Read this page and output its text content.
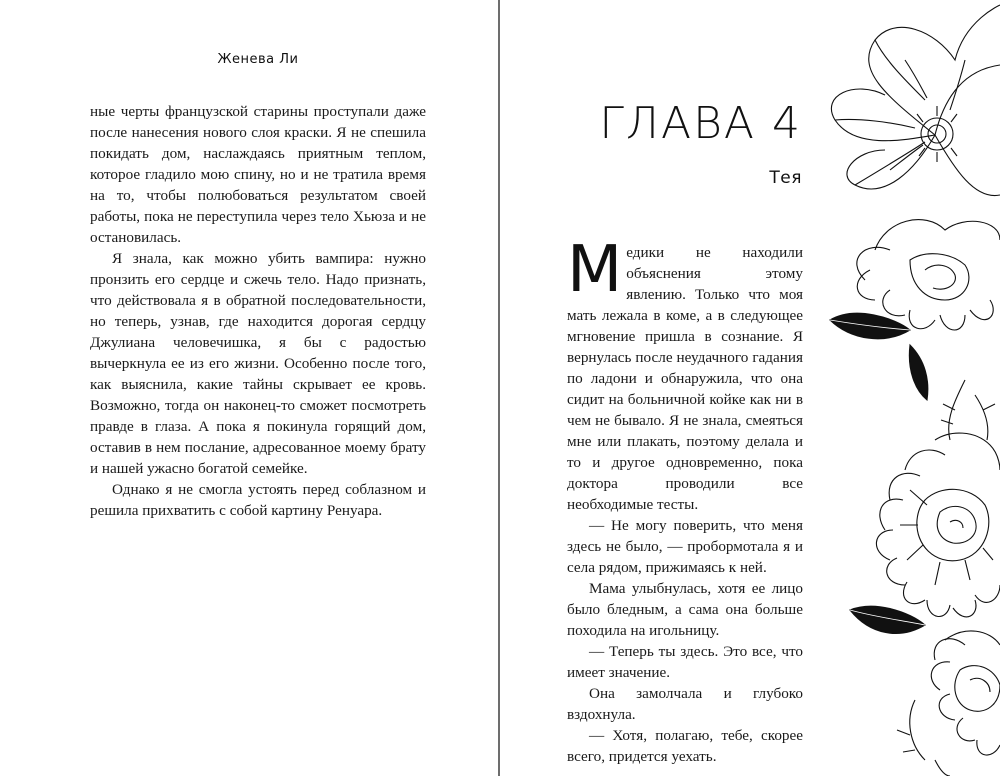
Женева Ли

ные черты французской старины проступали даже после нанесения нового слоя краски. Я не спешила покидать дом, наслаждаясь приятным теплом, которое гладило мою спину, но и не тратила время на то, чтобы полюбоваться результатом своей работы, пока не переступила через тело Хьюза и не остановилась.

Я знала, как можно убить вампира: нужно пронзить его сердце и сжечь тело. Надо признать, что действовала я в обратной последовательности, но теперь, узнав, где находится дорогая сердцу Джулиана человечишка, я бы с радостью вычеркнула ее из его жизни. Особенно после того, как выяснила, какие тайны скрывает ее кровь. Возможно, тогда он наконец-то сможет посмотреть правде в глаза. А пока я покинула горящий дом, оставив в нем послание, адресованное моему брату и нашей ужасно богатой семейке.

Однако я не смогла устоять перед соблазном и решила прихватить с собой картину Ренуара.

ГЛАВА 4
Тея

Медики не находили объяснения этому явлению. Только что моя мать лежала в коме, а в следующее мгновение пришла в сознание. Я вернулась после неудачного гадания по ладони и обнаружила, что она сидит на больничной койке как ни в чем не бывало. Я не знала, смеяться мне или плакать, поэтому делала и то и другое одновременно, пока доктора проводили все необходимые тесты.

— Не могу поверить, что меня здесь не было, — пробормотала я и села рядом, прижимаясь к ней.

Мама улыбнулась, хотя ее лицо было бледным, а сама она больше походила на игольницу.

— Теперь ты здесь. Это все, что имеет значение.

Она замолчала и глубоко вздохнула.

— Хотя, полагаю, тебе, скорее всего, придется уехать.
